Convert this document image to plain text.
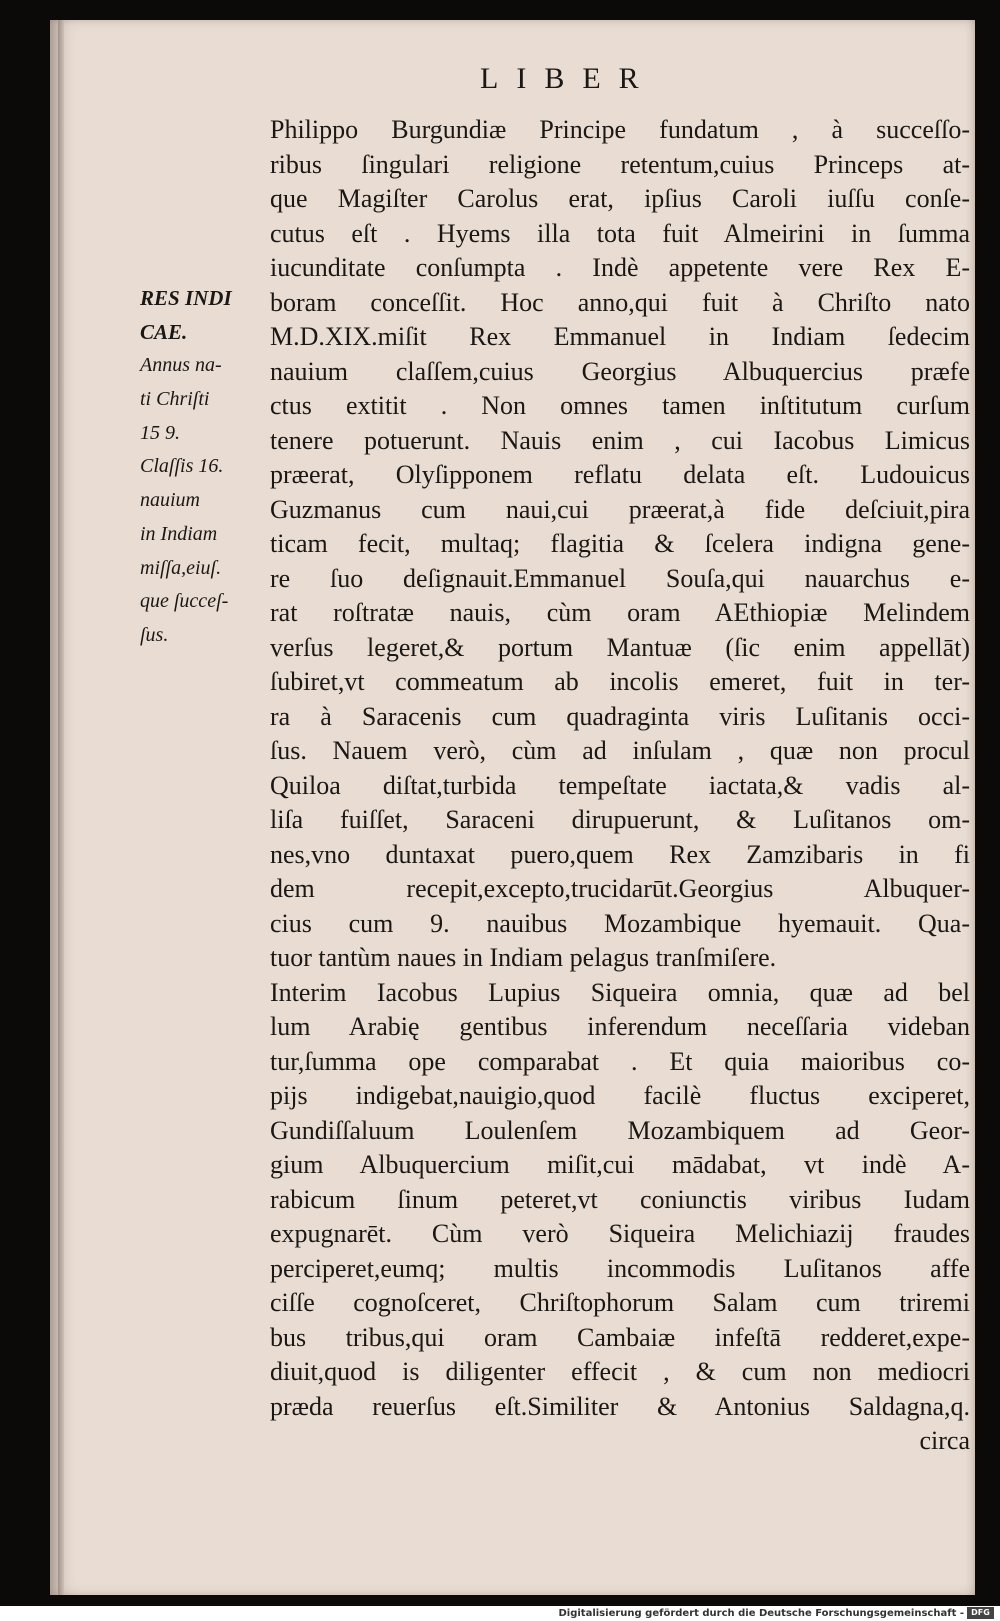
LIBER
Philippo Burgundiæ Principe fundatum , à succeſſo-
ribus ſingulari religione retentum,cuius Princeps at-
que Magiſter Carolus erat, ipſius Caroli iuſſu conſe-
cutus eſt . Hyems illa tota fuit Almeirini in ſumma
iucunditate conſumpta . Indè appetente vere Rex E-
boram conceſſit. Hoc anno,qui fuit à Chriſto nato
M.D.XIX.miſit Rex Emmanuel in Indiam ſedecim
nauium claſſem,cuius Georgius Albuquercius præfe
ctus extitit . Non omnes tamen inſtitutum curſum
tenere potuerunt. Nauis enim , cui Iacobus Limicus
præerat, Olyſipponem reflatu delata eſt. Ludouicus
Guzmanus cum naui,cui præerat,à fide deſciuit,pira
ticam fecit, multaq; flagitia & ſcelera indigna gene-
re ſuo deſignauit.Emmanuel Souſa,qui nauarchus e-
rat roſtratæ nauis, cùm oram AEthiopiæ Melindem
verſus legeret,& portum Mantuæ (ſic enim appellāt)
ſubiret,vt commeatum ab incolis emeret, fuit in ter-
ra à Saracenis cum quadraginta viris Luſitanis occi-
ſus. Nauem verò, cùm ad inſulam , quæ non procul
Quiloa diſtat,turbida tempeſtate iactata,& vadis al-
liſa fuiſſet, Saraceni dirupuerunt, & Luſitanos om-
nes,vno duntaxat puero,quem Rex Zamzibaris in fi
dem recepit,excepto,trucidarūt.Georgius Albuquer-
cius cum 9. nauibus Mozambique hyemauit. Qua-
tuor tantùm naues in Indiam pelagus tranſmiſere.
Interim Iacobus Lupius Siqueira omnia, quæ ad bel
lum Arabię gentibus inferendum neceſſaria videban
tur,ſumma ope comparabat . Et quia maioribus co-
pijs indigebat,nauigio,quod facilè fluctus exciperet,
Gundiſſaluum Loulenſem Mozambiquem ad Geor-
gium Albuquercium miſit,cui mādabat, vt indè A-
rabicum ſinum peteret,vt coniunctis viribus Iudam
expugnarēt. Cùm verò Siqueira Melichiazij fraudes
perciperet,eumq; multis incommodis Luſitanos affe
ciſſe cognoſceret, Chriſtophorum Salam cum triremi
bus tribus,qui oram Cambaiæ infeſtā redderet,expe-
diuit,quod is diligenter effecit , & cum non mediocri
præda reuerſus eſt.Similiter & Antonius Saldagna,q.
circa
RES INDI
CAE.
Annus na-
ti Chriſti
15 9.
Claſſis 16.
nauium
in Indiam
miſſa,eiuſ.
que ſucceſ-
ſus.
Digitalisierung gefördert durch die Deutsche Forschungsgemeinschaft - DFG
